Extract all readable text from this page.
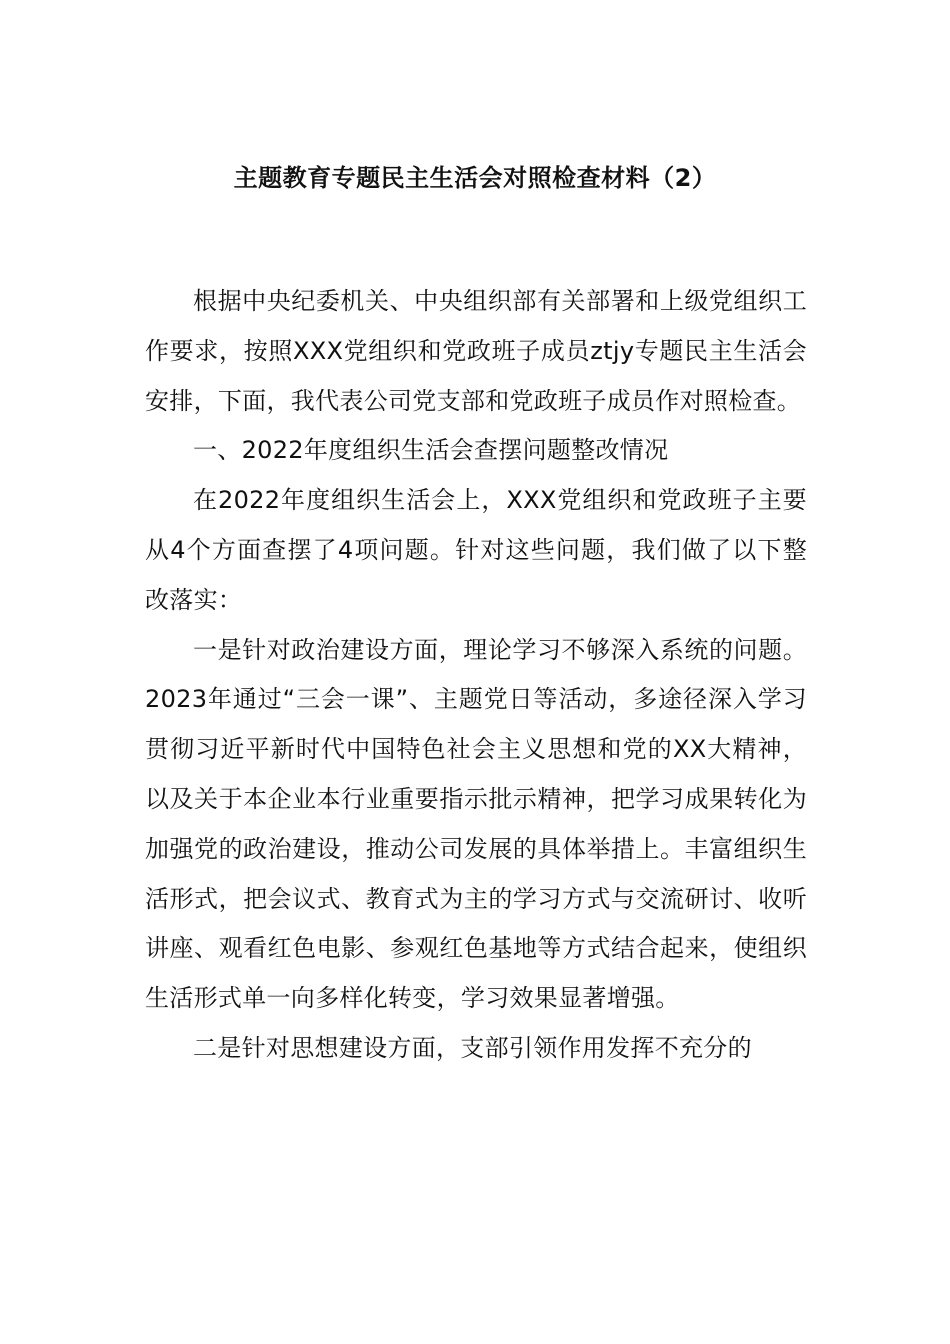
主题教育专题民主生活会对照检查材料（2）

根据中央纪委机关、中央组织部有关部署和上级党组织工作要求，按照XXX党组织和党政班子成员ztjy专题民主生活会安排，下面，我代表公司党支部和党政班子成员作对照检查。

一、2022年度组织生活会查摆问题整改情况

在2022年度组织生活会上，XXX党组织和党政班子主要从4个方面查摆了4项问题。针对这些问题，我们做了以下整改落实：

一是针对政治建设方面，理论学习不够深入系统的问题。2023年通过“三会一课”、主题党日等活动，多途径深入学习贯彻习近平新时代中国特色社会主义思想和党的XX大精神，以及关于本企业本行业重要指示批示精神，把学习成果转化为加强党的政治建设，推动公司发展的具体举措上。丰富组织生活形式，把会议式、教育式为主的学习方式与交流研讨、收听讲座、观看红色电影、参观红色基地等方式结合起来，使组织生活形式单一向多样化转变，学习效果显著增强。

二是针对思想建设方面，支部引领作用发挥不充分的
